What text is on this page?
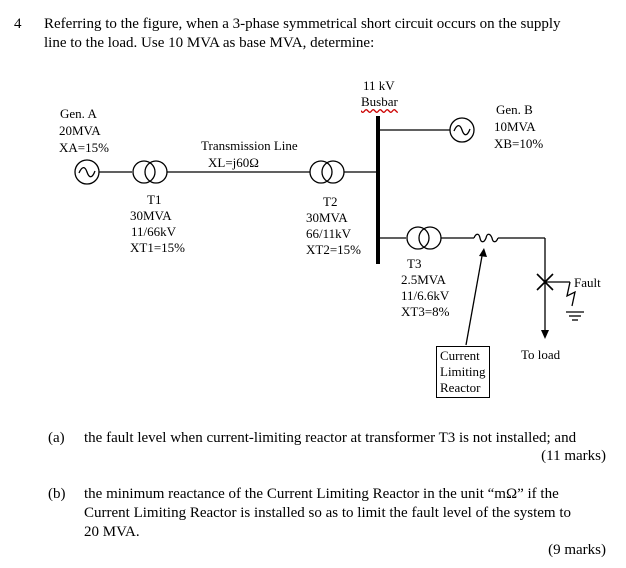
4 Referring to the figure, when a 3-phase symmetrical short circuit occurs on the supply
line to the load. Use 10 MVA as base MVA, determine:
11 kV
Busbar
Gen. A
20MVA
XA=15%
Gen. B
10MVA
XB=10%
Transmission Line
XL=j60Ω
T1
30MVA
11/66kV
XT1=15%
T2
30MVA
66/11kV
XT2=15%
T3
2.5MVA
11/6.6kV
XT3=8%
Fault
To load
Current
Limiting
Reactor
(a) the fault level when current-limiting reactor at transformer T3 is not installed; and
(11 marks)
(b) the minimum reactance of the Current Limiting Reactor in the unit “mΩ” if the
Current Limiting Reactor is installed so as to limit the fault level of the system to
20 MVA.
(9 marks)
